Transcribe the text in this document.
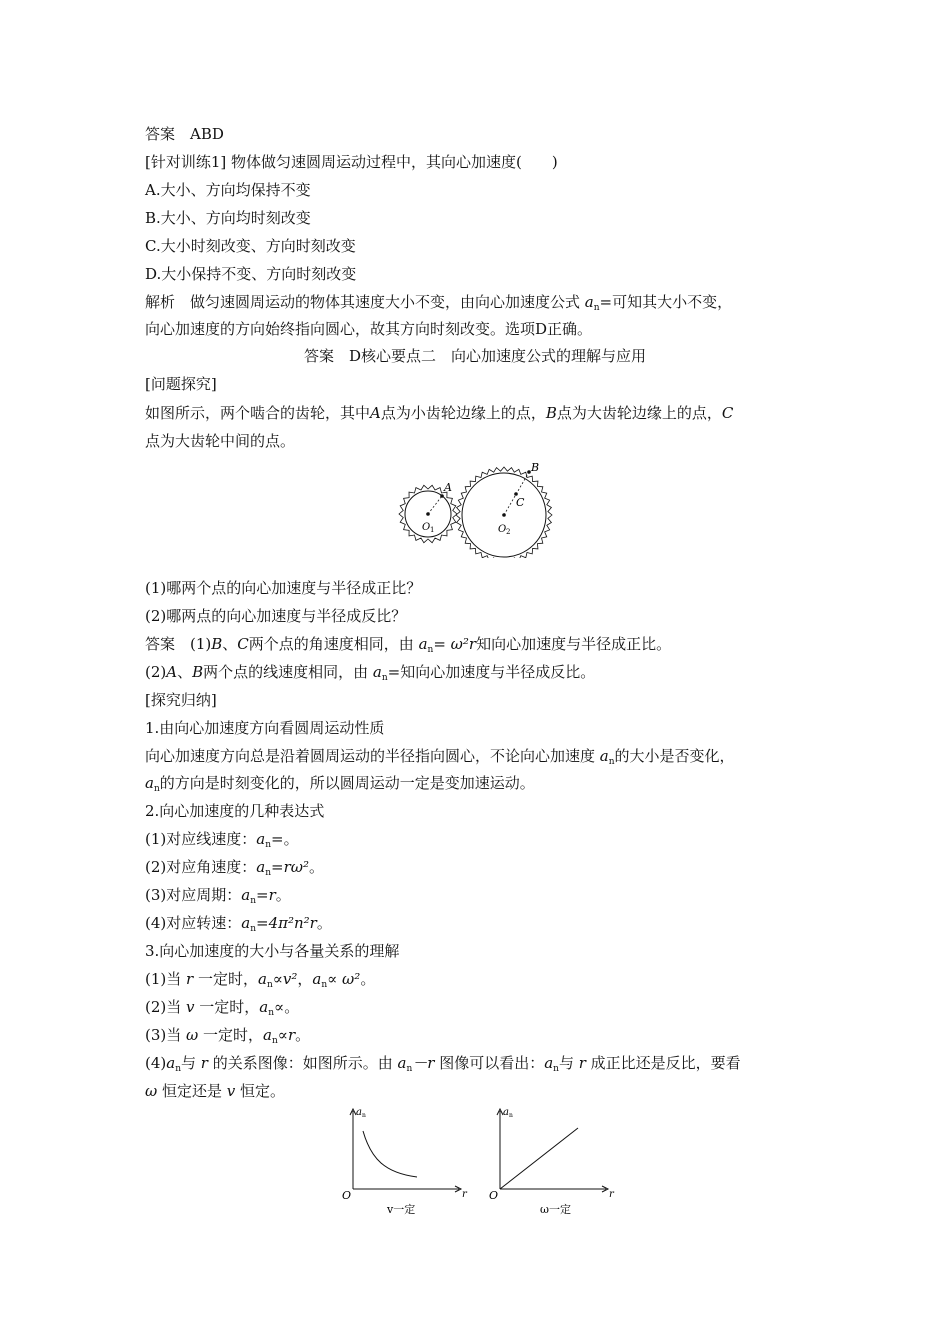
答案　ABD
[针对训练1] 物体做匀速圆周运动过程中，其向心加速度(　　)
A.大小、方向均保持不变
B.大小、方向均时刻改变
C.大小时刻改变、方向时刻改变
D.大小保持不变、方向时刻改变
解析　做匀速圆周运动的物体其速度大小不变，由向心加速度公式 $a_n=$可知其大小不变，
向心加速度的方向始终指向圆心，故其方向时刻改变。选项D正确。
答案　D核心要点二　向心加速度公式的理解与应用
[问题探究]
如图所示，两个啮合的齿轮，其中A点为小齿轮边缘上的点，B点为大齿轮边缘上的点，C
点为大齿轮中间的点。
A
B
C
O 1	O 2
(1)哪两个点的向心加速度与半径成正比？
(2)哪两点的向心加速度与半径成反比？
答案　(1)B、C两个点的角速度相同，由 $a_n= \omega^2r$知向心加速度与半径成正比。
(2)A、B两个点的线速度相同，由 $a_n=$知向心加速度与半径成反比。
[探究归纳]
1.由向心加速度方向看圆周运动性质
向心加速度方向总是沿着圆周运动的半径指向圆心，不论向心加速度 $a_n$的大小是否变化，
$a_n$的方向是时刻变化的，所以圆周运动一定是变加速运动。
2.向心加速度的几种表达式
(1)对应线速度：$a_n=$。
(2)对应角速度：$a_n=r\omega^2$。
(3)对应周期：$a_n=r$。
(4)对应转速：$a_n=4\pi^2n^2r$。
3.向心加速度的大小与各量关系的理解
(1)当 r 一定时，$a_n\propto v^2$，$a_n\propto \omega^2$。
(2)当 v 一定时，$a_n\propto$。
(3)当 ω 一定时，$a_n\propto r$。
$(4)a_n$与 r 的关系图像：如图所示。由 $a_n-r$ 图像可以看出：$a_n$与 r 成正比还是反比，要看
ω 恒定还是 v 恒定。
a n
r
O
v一定
a n
r
O
ω一定
